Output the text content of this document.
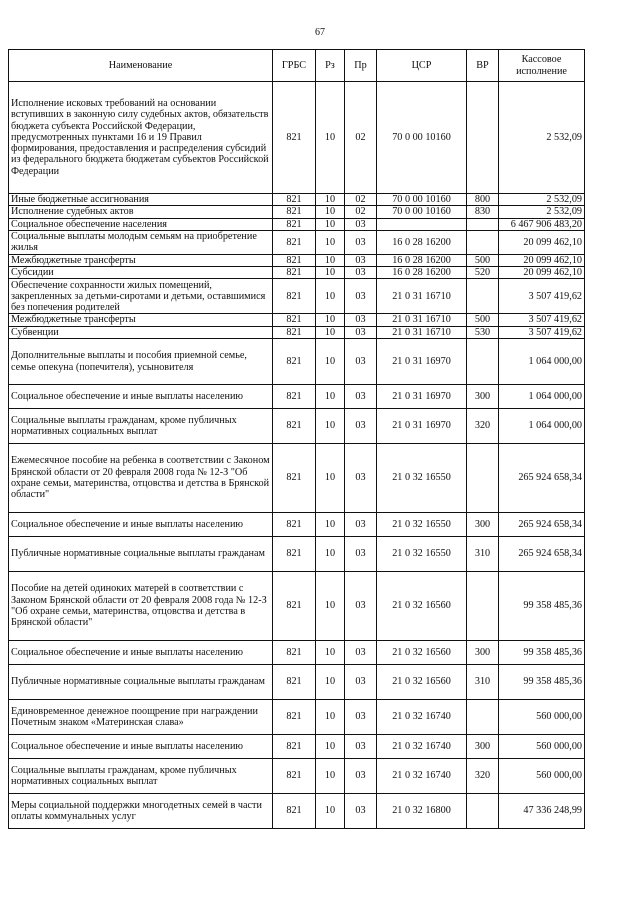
67
Наименование	ГРБС	Рз	Пр	ЦСР	ВР	Кассовое исполнение
Исполнение исковых требований на основании вступивших в законную силу судебных актов, обязательств бюджета субъекта Российской Федерации, предусмотренных пунктами 16 и 19 Правил формирования, предоставления и распределения субсидий из федерального бюджета бюджетам субъектов Российской Федерации	821	10	02	70 0 00 10160		2 532,09
Иные бюджетные ассигнования	821	10	02	70 0 00 10160	800	2 532,09
Исполнение судебных актов	821	10	02	70 0 00 10160	830	2 532,09
Социальное обеспечение населения	821	10	03			6 467 906 483,20
Социальные выплаты молодым семьям на приобретение жилья	821	10	03	16 0 28 16200		20 099 462,10
Межбюджетные трансферты	821	10	03	16 0 28 16200	500	20 099 462,10
Субсидии	821	10	03	16 0 28 16200	520	20 099 462,10
Обеспечение сохранности жилых помещений, закрепленных за детьми-сиротами и детьми, оставшимися без попечения родителей	821	10	03	21 0 31 16710		3 507 419,62
Межбюджетные трансферты	821	10	03	21 0 31 16710	500	3 507 419,62
Субвенции	821	10	03	21 0 31 16710	530	3 507 419,62
Дополнительные выплаты и пособия приемной семье, семье опекуна (попечителя), усыновителя	821	10	03	21 0 31 16970		1 064 000,00
Социальное обеспечение и иные выплаты населению	821	10	03	21 0 31 16970	300	1 064 000,00
Социальные выплаты гражданам, кроме публичных нормативных социальных выплат	821	10	03	21 0 31 16970	320	1 064 000,00
Ежемесячное пособие на ребенка в соответствии с Законом Брянской области от 20 февраля 2008 года № 12-З "Об охране семьи, материнства, отцовства и детства в Брянской области"	821	10	03	21 0 32 16550		265 924 658,34
Социальное обеспечение и иные выплаты населению	821	10	03	21 0 32 16550	300	265 924 658,34
Публичные нормативные социальные выплаты гражданам	821	10	03	21 0 32 16550	310	265 924 658,34
Пособие на детей одиноких матерей в соответствии с Законом Брянской области от 20 февраля 2008 года № 12-З "Об охране семьи, материнства, отцовства и детства в Брянской области"	821	10	03	21 0 32 16560		99 358 485,36
Социальное обеспечение и иные выплаты населению	821	10	03	21 0 32 16560	300	99 358 485,36
Публичные нормативные социальные выплаты гражданам	821	10	03	21 0 32 16560	310	99 358 485,36
Единовременное денежное поощрение при награждении Почетным знаком «Материнская слава»	821	10	03	21 0 32 16740		560 000,00
Социальное обеспечение и иные выплаты населению	821	10	03	21 0 32 16740	300	560 000,00
Социальные выплаты гражданам, кроме публичных нормативных социальных выплат	821	10	03	21 0 32 16740	320	560 000,00
Меры социальной поддержки многодетных семей в части оплаты коммунальных услуг	821	10	03	21 0 32 16800		47 336 248,99
